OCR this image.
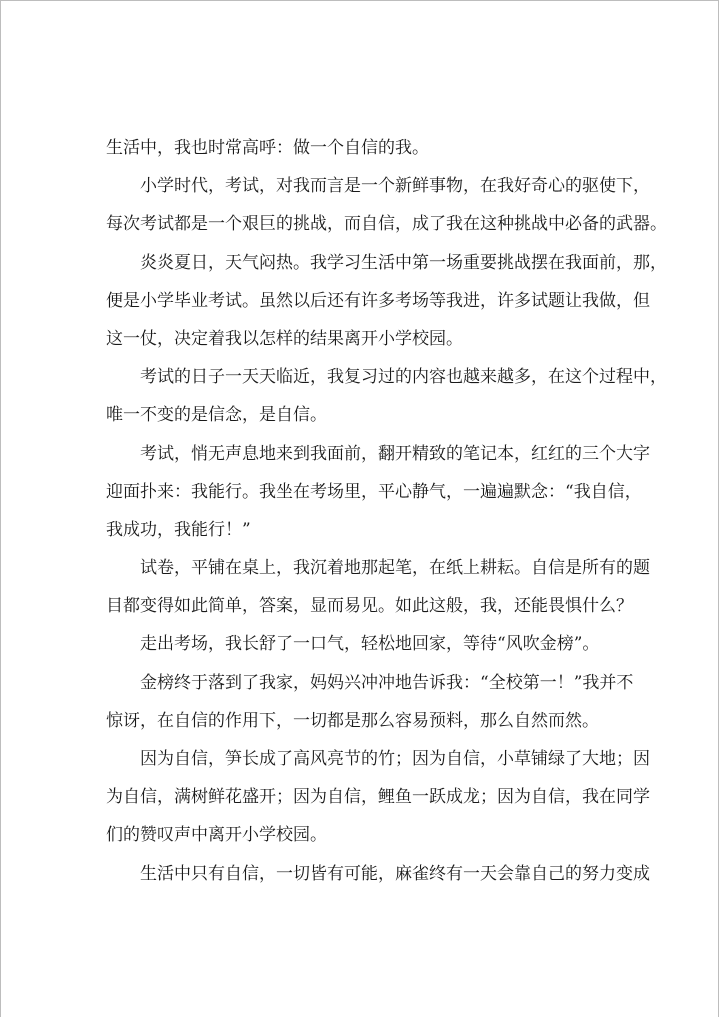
生活中，我也时常高呼：做一个自信的我。
小学时代，考试，对我而言是一个新鲜事物，在我好奇心的驱使下，
每次考试都是一个艰巨的挑战，而自信，成了我在这种挑战中必备的武器。
炎炎夏日，天气闷热。我学习生活中第一场重要挑战摆在我面前，那，
便是小学毕业考试。虽然以后还有许多考场等我进，许多试题让我做，但
这一仗，决定着我以怎样的结果离开小学校园。
考试的日子一天天临近，我复习过的内容也越来越多，在这个过程中，
唯一不变的是信念，是自信。
考试，悄无声息地来到我面前，翻开精致的笔记本，红红的三个大字
迎面扑来：我能行。我坐在考场里，平心静气，一遍遍默念：“我自信，
我成功，我能行！”
试卷，平铺在桌上，我沉着地那起笔，在纸上耕耘。自信是所有的题
目都变得如此简单，答案，显而易见。如此这般，我，还能畏惧什么？
走出考场，我长舒了一口气，轻松地回家，等待“风吹金榜”。
金榜终于落到了我家，妈妈兴冲冲地告诉我：“全校第一！”我并不
惊讶，在自信的作用下，一切都是那么容易预料，那么自然而然。
因为自信，笋长成了高风亮节的竹；因为自信，小草铺绿了大地；因
为自信，满树鲜花盛开；因为自信，鲤鱼一跃成龙；因为自信，我在同学
们的赞叹声中离开小学校园。
生活中只有自信，一切皆有可能，麻雀终有一天会靠自己的努力变成
